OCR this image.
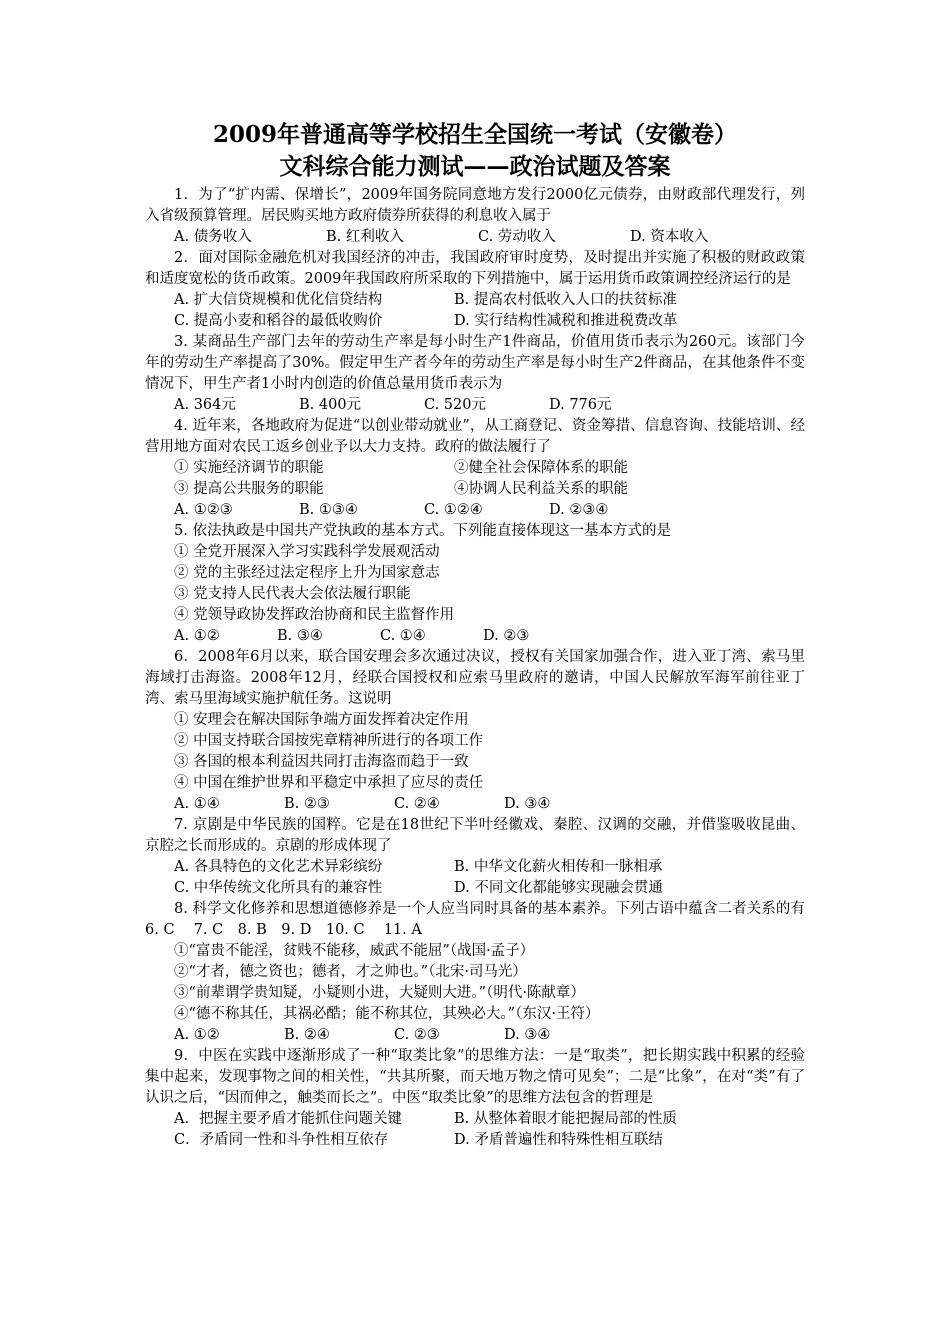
2009年普通高等学校招生全国统一考试（安徽卷）
文科综合能力测试——政治试题及答案
1．为了“扩内需、保增长”，2009年国务院同意地方发行2000亿元债券，由财政部代理发行，列入省级预算管理。居民购买地方政府债券所获得的利息收入属于
A. 债务收入	B. 红利收入	C. 劳动收入	D. 资本收入
2．面对国际金融危机对我国经济的冲击，我国政府审时度势，及时提出并实施了积极的财政政策和适度宽松的货币政策。2009年我国政府所采取的下列措施中，属于运用货币政策调控经济运行的是
A. 扩大信贷规模和优化信贷结构	B. 提高农村低收入人口的扶贫标准
C. 提高小麦和稻谷的最低收购价	D. 实行结构性减税和推进税费改革
3. 某商品生产部门去年的劳动生产率是每小时生产1件商品，价值用货币表示为260元。该部门今年的劳动生产率提高了30%。假定甲生产者今年的劳动生产率是每小时生产2件商品，在其他条件不变情况下，甲生产者1小时内创造的价值总量用货币表示为
A. 364元	B. 400元	C. 520元	D. 776元
4. 近年来，各地政府为促进“以创业带动就业”，从工商登记、资金筹措、信息咨询、技能培训、经营用地方面对农民工返乡创业予以大力支持。政府的做法履行了
① 实施经济调节的职能	②健全社会保障体系的职能
③ 提高公共服务的职能	④协调人民利益关系的职能
A. ①②③	B. ①③④	C. ①②④	D. ②③④
5. 依法执政是中国共产党执政的基本方式。下列能直接体现这一基本方式的是
① 全党开展深入学习实践科学发展观活动
② 党的主张经过法定程序上升为国家意志
③ 党支持人民代表大会依法履行职能
④ 党领导政协发挥政治协商和民主监督作用
A. ①②	B. ③④	C. ①④	D. ②③
6．2008年6月以来，联合国安理会多次通过决议，授权有关国家加强合作，进入亚丁湾、索马里海域打击海盗。2008年12月，经联合国授权和应索马里政府的邀请，中国人民解放军海军前往亚丁湾、索马里海域实施护航任务。这说明
① 安理会在解决国际争端方面发挥着决定作用
② 中国支持联合国按宪章精神所进行的各项工作
③ 各国的根本利益因共同打击海盗而趋于一致
④ 中国在维护世界和平稳定中承担了应尽的责任
A. ①④	B. ②③	C. ②④	D. ③④
7. 京剧是中华民族的国粹。它是在18世纪下半叶经徽戏、秦腔、汉调的交融，并借鉴吸收昆曲、京腔之长而形成的。京剧的形成体现了
A. 各具特色的文化艺术异彩缤纷	B. 中华文化薪火相传和一脉相承
C. 中华传统文化所具有的兼容性	D. 不同文化都能够实现融会贯通
8. 科学文化修养和思想道德修养是一个人应当同时具备的基本素养。下列古语中蕴含二者关系的有6. C　 7. C　8. B　9. D　10. C　 11. A
①“富贵不能淫，贫贱不能移，威武不能屈”（战国·孟子）
②“才者，德之资也；德者，才之帅也。”（北宋·司马光）
③“前辈谓学贵知疑，小疑则小进，大疑则大进。”（明代·陈献章）
④“德不称其任，其祸必酷；能不称其位，其殃必大。”（东汉·王符）
A. ①②	B. ②④	C. ②③	D. ③④
9．中医在实践中逐渐形成了一种“取类比象”的思维方法：一是“取类”，把长期实践中积累的经验集中起来，发现事物之间的相关性，“共其所聚，而天地万物之情可见矣”；二是“比象”，在对“类”有了认识之后，“因而伸之，触类而长之”。中医“取类比象”的思维方法包含的哲理是
A．把握主要矛盾才能抓住问题关键	B. 从整体着眼才能把握局部的性质
C．矛盾同一性和斗争性相互依存	D. 矛盾普遍性和特殊性相互联结
